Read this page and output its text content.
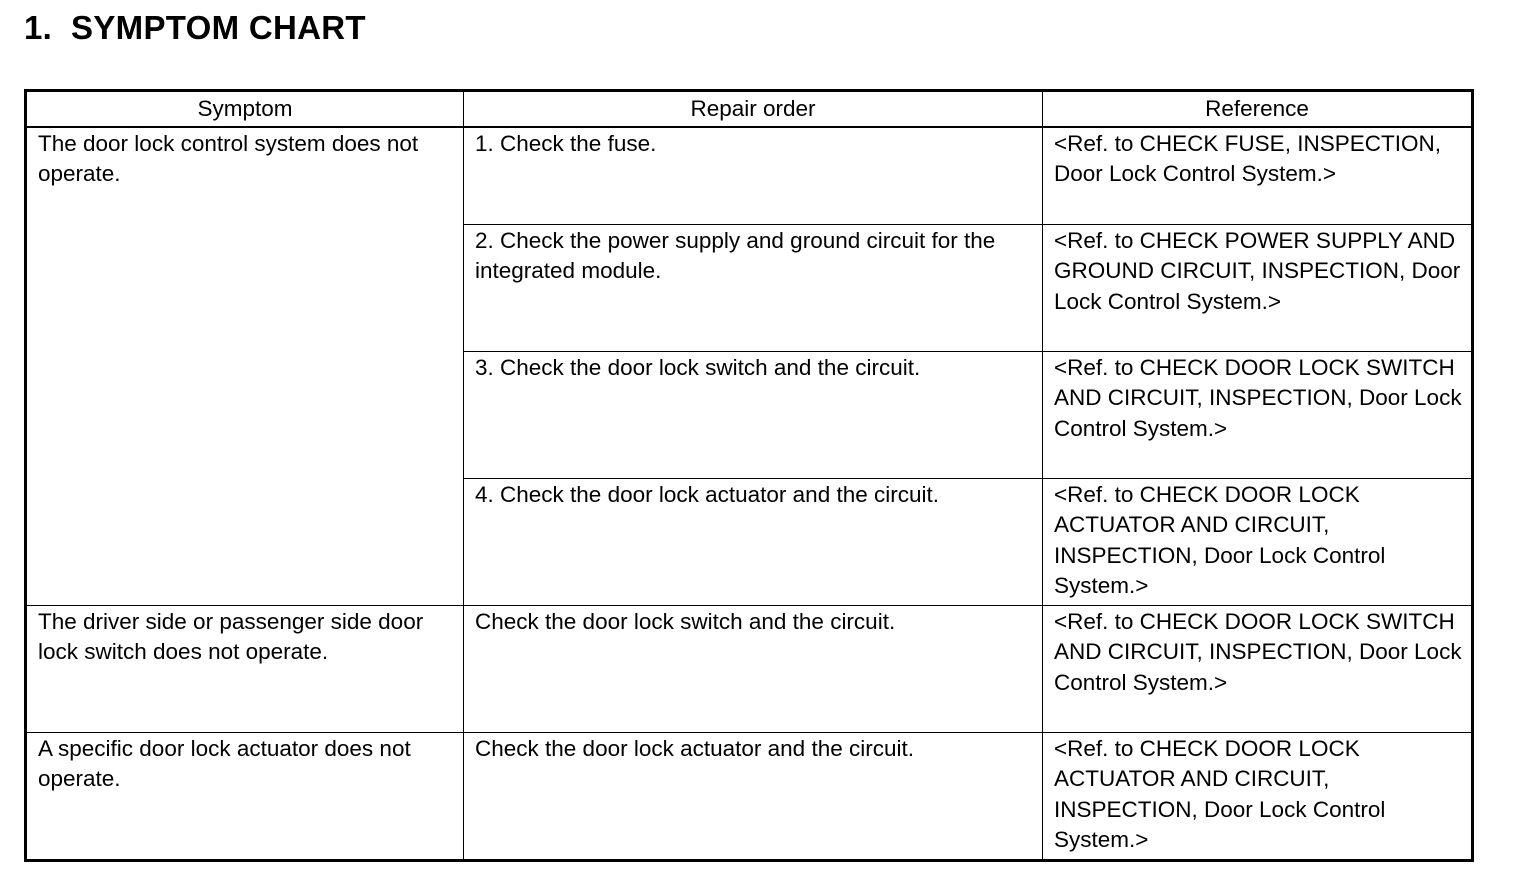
1.  SYMPTOM CHART
Symptom	Repair order	Reference

The door lock control system does not operate.	1. Check the fuse.	<Ref. to CHECK FUSE, INSPECTION, Door Lock Control System.>

	2. Check the power supply and ground circuit for the integrated module.	<Ref. to CHECK POWER SUPPLY AND GROUND CIRCUIT, INSPECTION, Door Lock Control System.>

	3. Check the door lock switch and the circuit.	<Ref. to CHECK DOOR LOCK SWITCH AND CIRCUIT, INSPECTION, Door Lock Control System.>

	4. Check the door lock actuator and the circuit.	<Ref. to CHECK DOOR LOCK ACTUATOR AND CIRCUIT, INSPECTION, Door Lock Control System.>

The driver side or passenger side door lock switch does not operate.	Check the door lock switch and the circuit.	<Ref. to CHECK DOOR LOCK SWITCH AND CIRCUIT, INSPECTION, Door Lock Control System.>

A specific door lock actuator does not operate.	Check the door lock actuator and the circuit.	<Ref. to CHECK DOOR LOCK ACTUATOR AND CIRCUIT, INSPECTION, Door Lock Control System.>
